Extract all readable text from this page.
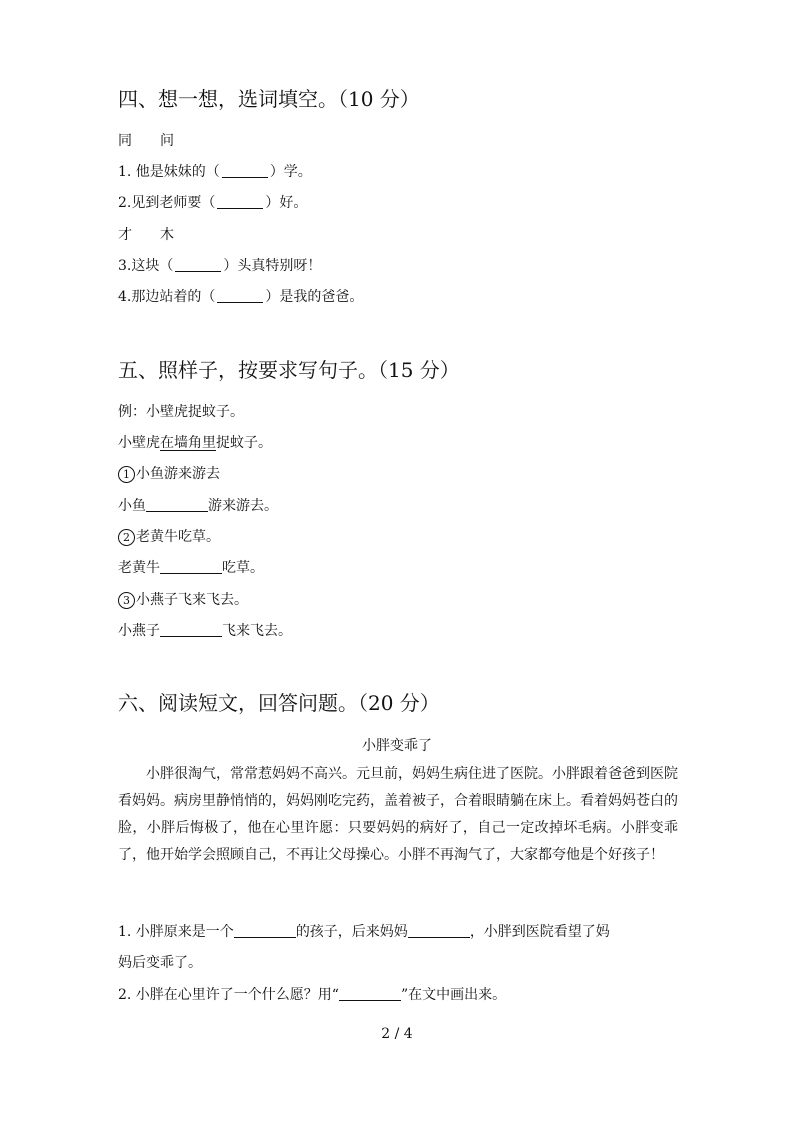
四、想一想，选词填空。（10 分）
同 问
1. 他是妹妹的（	）学。
2.见到老师要（	）好。
才 木
3.这块（	）头真特别呀！
4.那边站着的（	）是我的爸爸。
五、照样子，按要求写句子。（15 分）
例：小壁虎捉蚊子。
小壁虎在墙角里捉蚊子。
1 小鱼游来游去
小鱼	游来游去。
2 老黄牛吃草。
老黄牛	吃草。
3 小燕子飞来飞去。
小燕子	飞来飞去。
六、阅读短文，回答问题。（20 分）
小胖变乖了
小胖很淘气，常常惹妈妈不高兴。元旦前，妈妈生病住进了医院。小胖跟着爸爸到医院看妈妈。病房里静悄悄的，妈妈刚吃完药，盖着被子，合着眼睛躺在床上。看着妈妈苍白的脸，小胖后悔极了，他在心里许愿：只要妈妈的病好了，自己一定改掉坏毛病。小胖变乖了，他开始学会照顾自己，不再让父母操心。小胖不再淘气了，大家都夸他是个好孩子！
1. 小胖原来是一个	的孩子，后来妈妈	，小胖到医院看望了妈
妈后变乖了。
2. 小胖在心里许了一个什么愿？用“	”在文中画出来。
2 / 4
